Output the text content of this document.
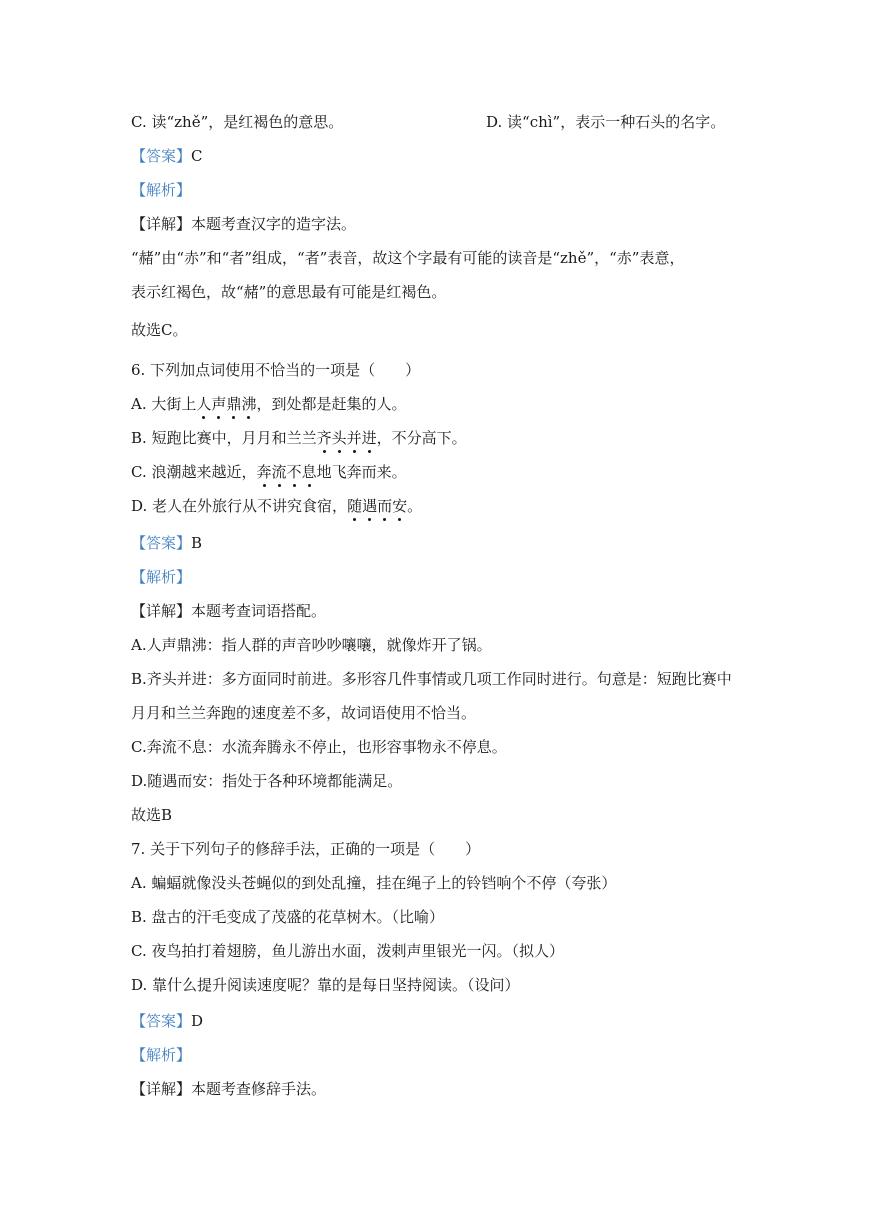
C. 读“zhě”，是红褐色的意思。	D. 读“chì”，表示一种石头的名字。
【答案】C
【解析】
【详解】本题考查汉字的造字法。
“赭”由“赤”和“者”组成，“者”表音，故这个字最有可能的读音是“zhě”，“赤”表意，
表示红褐色，故“赭”的意思最有可能是红褐色。
故选C。
6. 下列加点词使用不恰当的一项是（　　）
A. 大街上人声鼎沸，到处都是赶集的人。
B. 短跑比赛中，月月和兰兰齐头并进，不分高下。
C. 浪潮越来越近，奔流不息地飞奔而来。
D. 老人在外旅行从不讲究食宿，随遇而安。
【答案】B
【解析】
【详解】本题考查词语搭配。
A.人声鼎沸：指人群的声音吵吵嚷嚷，就像炸开了锅。
B.齐头并进：多方面同时前进。多形容几件事情或几项工作同时进行。句意是：短跑比赛中
月月和兰兰奔跑的速度差不多，故词语使用不恰当。
C.奔流不息：水流奔腾永不停止，也形容事物永不停息。
D.随遇而安：指处于各种环境都能满足。
故选B
7. 关于下列句子的修辞手法，正确的一项是（　　）
A. 蝙蝠就像没头苍蝇似的到处乱撞，挂在绳子上的铃铛响个不停（夸张）
B. 盘古的汗毛变成了茂盛的花草树木。（比喻）
C. 夜鸟拍打着翅膀，鱼儿游出水面，泼剌声里银光一闪。（拟人）
D. 靠什么提升阅读速度呢？靠的是每日坚持阅读。（设问）
【答案】D
【解析】
【详解】本题考查修辞手法。
